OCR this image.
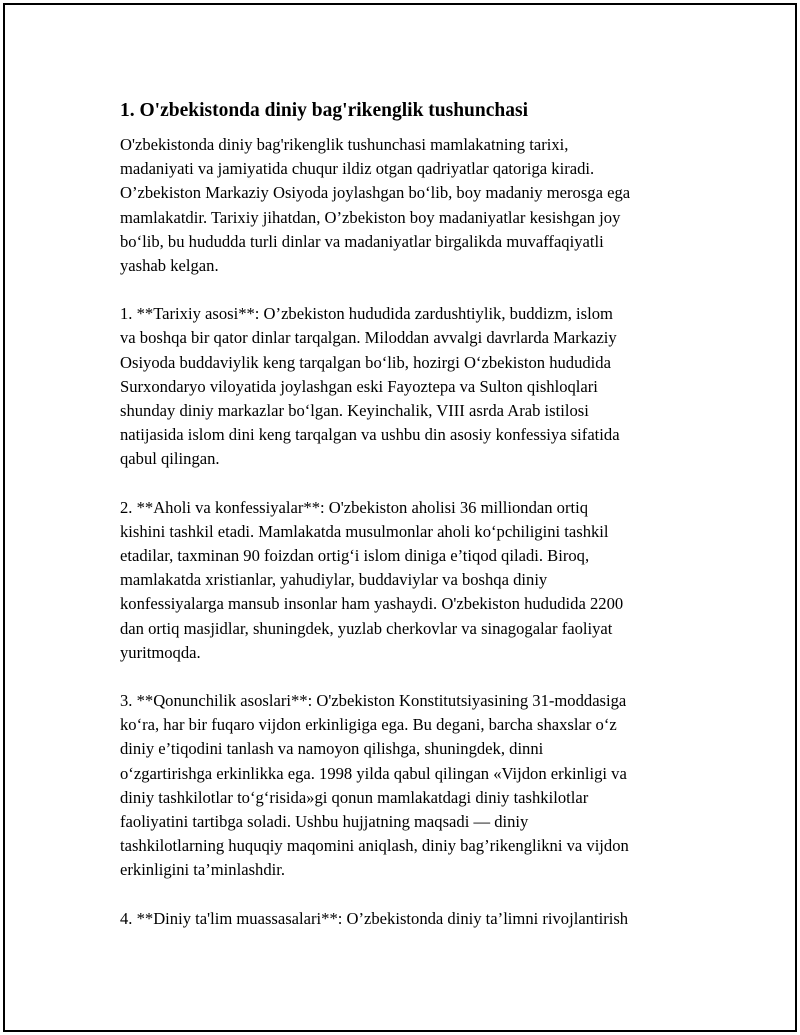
1. O'zbekistonda diniy bag'rikenglik tushunchasi

O'zbekistonda diniy bag'rikenglik tushunchasi mamlakatning tarixi,
madaniyati va jamiyatida chuqur ildiz otgan qadriyatlar qatoriga kiradi.
O’zbekiston Markaziy Osiyoda joylashgan bo‘lib, boy madaniy merosga ega
mamlakatdir. Tarixiy jihatdan, O’zbekiston boy madaniyatlar kesishgan joy
bo‘lib, bu hududda turli dinlar va madaniyatlar birgalikda muvaffaqiyatli
yashab kelgan.

1. **Tarixiy asosi**: O’zbekiston hududida zardushtiylik, buddizm, islom
va boshqa bir qator dinlar tarqalgan. Miloddan avvalgi davrlarda Markaziy
Osiyoda buddaviylik keng tarqalgan bo‘lib, hozirgi O‘zbekiston hududida
Surxondaryo viloyatida joylashgan eski Fayoztepa va Sulton qishloqlari
shunday diniy markazlar bo‘lgan. Keyinchalik, VIII asrda Arab istilosi
natijasida islom dini keng tarqalgan va ushbu din asosiy konfessiya sifatida
qabul qilingan.

2. **Aholi va konfessiyalar**: O'zbekiston aholisi 36 milliondan ortiq
kishini tashkil etadi. Mamlakatda musulmonlar aholi ko‘pchiligini tashkil
etadilar, taxminan 90 foizdan ortig‘i islom diniga e’tiqod qiladi. Biroq,
mamlakatda xristianlar, yahudiylar, buddaviylar va boshqa diniy
konfessiyalarga mansub insonlar ham yashaydi. O'zbekiston hududida 2200
dan ortiq masjidlar, shuningdek, yuzlab cherkovlar va sinagogalar faoliyat
yuritmoqda.

3. **Qonunchilik asoslari**: O'zbekiston Konstitutsiyasining 31-moddasiga
ko‘ra, har bir fuqaro vijdon erkinligiga ega. Bu degani, barcha shaxslar o‘z
diniy e’tiqodini tanlash va namoyon qilishga, shuningdek, dinni
o‘zgartirishga erkinlikka ega. 1998 yilda qabul qilingan «Vijdon erkinligi va
diniy tashkilotlar to‘g‘risida»gi qonun mamlakatdagi diniy tashkilotlar
faoliyatini tartibga soladi. Ushbu hujjatning maqsadi — diniy
tashkilotlarning huquqiy maqomini aniqlash, diniy bag’rikenglikni va vijdon
erkinligini ta’minlashdir.

4. **Diniy ta'lim muassasalari**: O’zbekistonda diniy ta’limni rivojlantirish
